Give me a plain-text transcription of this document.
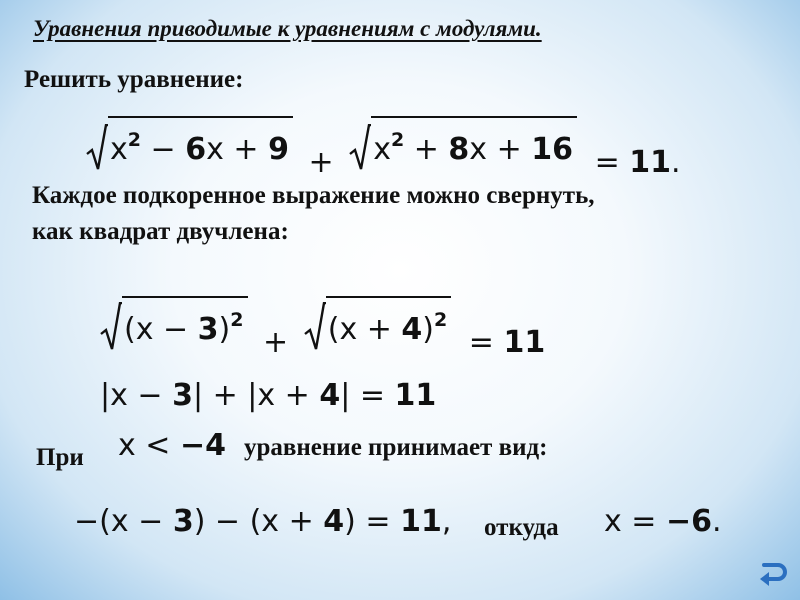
Уравнения приводимые к уравнениям с модулями.
Решить уравнение:
$x^2 - 6x + 9 + x^2 + 8x + 16 = 11$.
Каждое подкоренное выражение можно свернуть,
как квадрат двучлена:
$(x - 3)^2$
+ $(x + 4)^2$
= 11
|x − 3| + |x + 4| = 11
При x < −4 уравнение принимает вид:
−(x − 3) − (x + 4) = 11, откуда x = −6.
